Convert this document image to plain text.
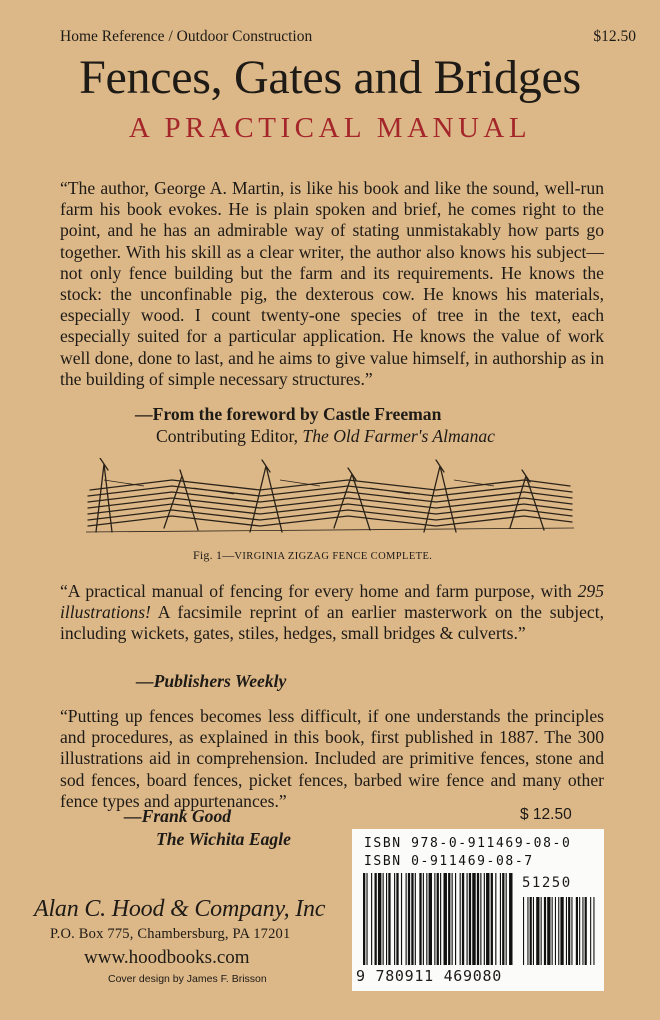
Home Reference / Outdoor Construction	$12.50
Fences, Gates and Bridges
A PRACTICAL MANUAL

“The author, George A. Martin, is like his book and like the sound, well-run farm his book evokes. He is plain spoken and brief, he comes right to the point, and he has an admirable way of stating unmistakably how parts go together. With his skill as a clear writer, the author also knows his subject—not only fence building but the farm and its requirements. He knows the stock: the unconfinable pig, the dexterous cow. He knows his materials, especially wood. I count twenty-one species of tree in the text, each especially suited for a particular application. He knows the value of work well done, done to last, and he aims to give value himself, in authorship as in the building of simple necessary structures.”

—From the foreword by Castle Freeman
Contributing Editor, The Old Farmer's Almanac
Fig. 1—VIRGINIA ZIGZAG FENCE COMPLETE.

“A practical manual of fencing for every home and farm purpose, with 295 illustrations! A facsimile reprint of an earlier masterwork on the subject, including wickets, gates, stiles, hedges, small bridges & culverts.”

—Publishers Weekly

“Putting up fences becomes less difficult, if one understands the principles and procedures, as explained in this book, first published in 1887. The 300 illustrations aid in comprehension. Included are primitive fences, stone and sod fences, board fences, picket fences, barbed wire fence and many other fence types and appurtenances.”

—Frank Good
The Wichita Eagle
$ 12.50
ISBN 978-0-911469-08-0
ISBN 0-911469-08-7
51250
9 780911 469080
Alan C. Hood & Company, Inc
P.O. Box 775, Chambersburg, PA 17201
www.hoodbooks.com
Cover design by James F. Brisson
